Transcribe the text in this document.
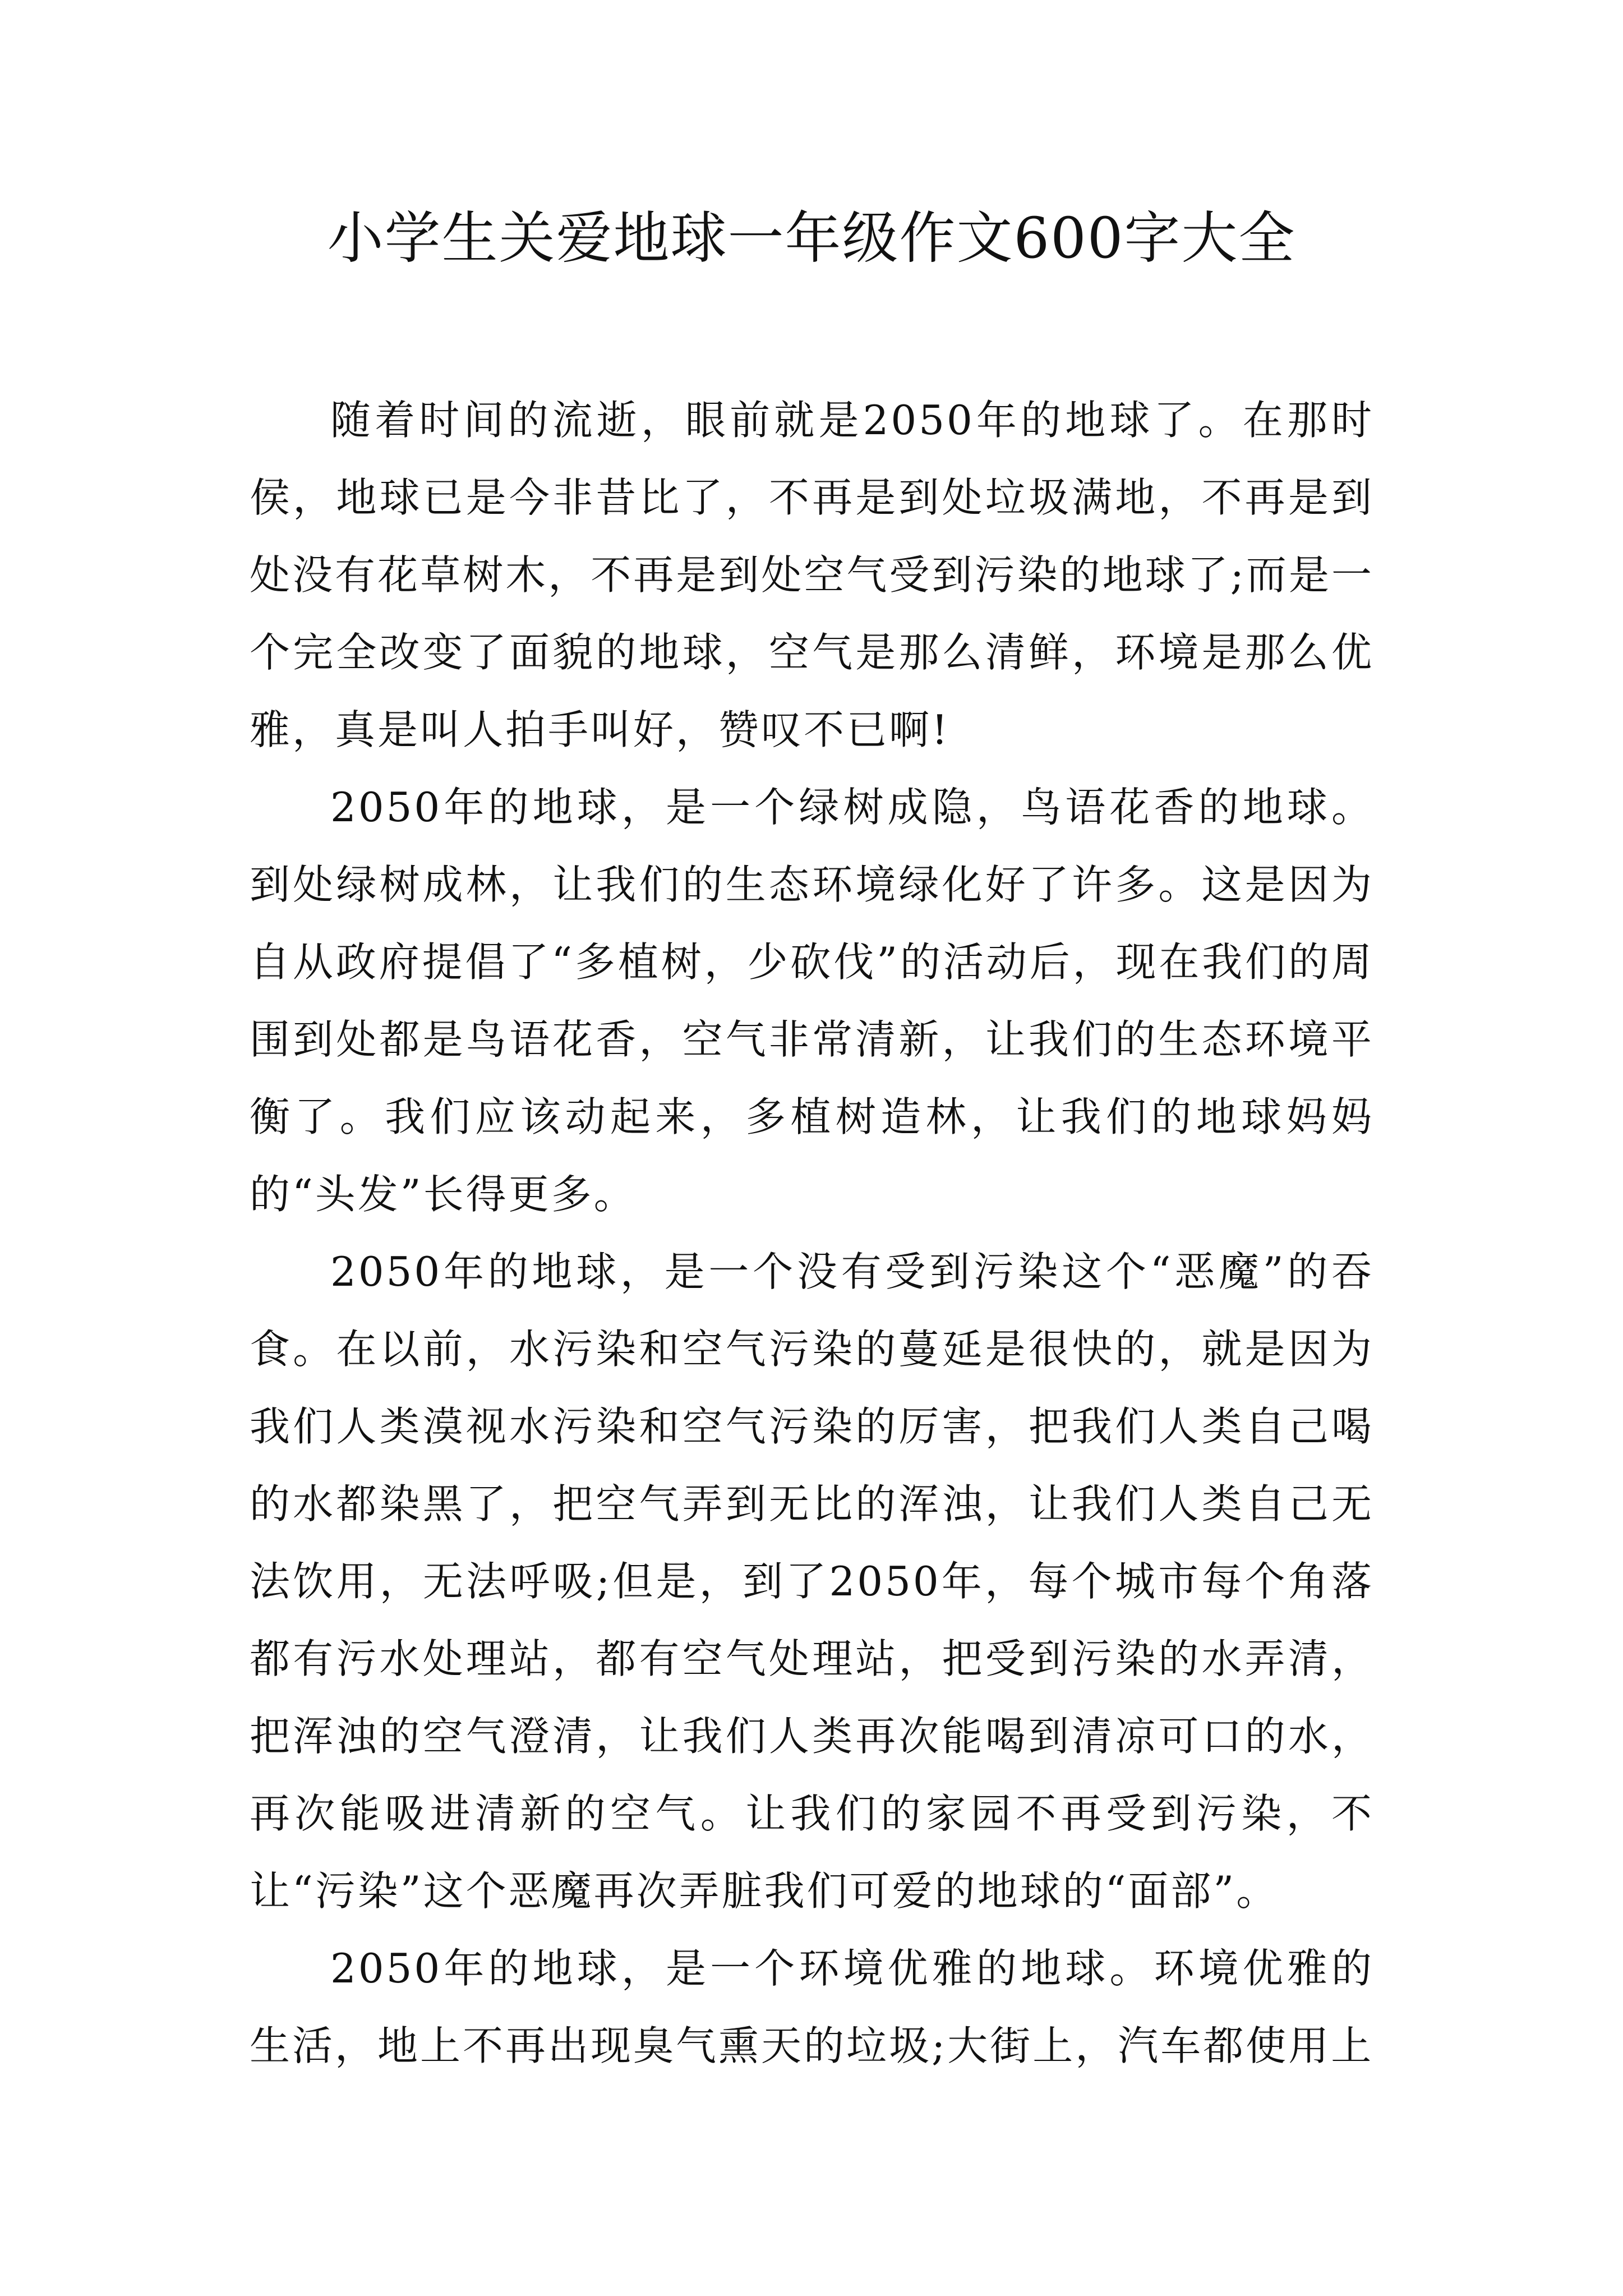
小学生关爱地球一年级作文600字大全

随着时间的流逝，眼前就是2050年的地球了。在那时侯，地球已是今非昔比了，不再是到处垃圾满地，不再是到处没有花草树木，不再是到处空气受到污染的地球了;而是一个完全改变了面貌的地球，空气是那么清鲜，环境是那么优雅，真是叫人拍手叫好，赞叹不已啊!

2050年的地球，是一个绿树成隐，鸟语花香的地球。到处绿树成林，让我们的生态环境绿化好了许多。这是因为自从政府提倡了“多植树，少砍伐”的活动后，现在我们的周围到处都是鸟语花香，空气非常清新，让我们的生态环境平衡了。我们应该动起来，多植树造林，让我们的地球妈妈的“头发”长得更多。

2050年的地球，是一个没有受到污染这个“恶魔”的吞食。在以前，水污染和空气污染的蔓延是很快的，就是因为我们人类漠视水污染和空气污染的厉害，把我们人类自己喝的水都染黑了，把空气弄到无比的浑浊，让我们人类自己无法饮用，无法呼吸;但是，到了2050年，每个城市每个角落都有污水处理站，都有空气处理站，把受到污染的水弄清，把浑浊的空气澄清，让我们人类再次能喝到清凉可口的水，再次能吸进清新的空气。让我们的家园不再受到污染，不让“污染”这个恶魔再次弄脏我们可爱的地球的“面部”。

2050年的地球，是一个环境优雅的地球。环境优雅的生活，地上不再出现臭气熏天的垃圾;大街上，汽车都使用上
